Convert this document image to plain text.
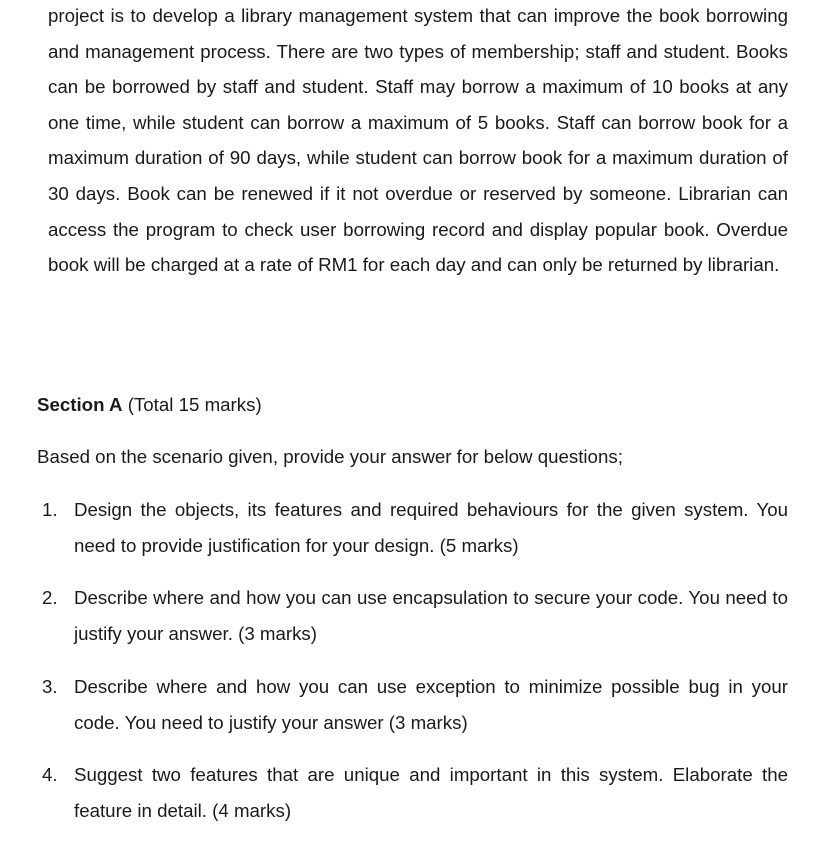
project is to develop a library management system that can improve the book borrowing and management process. There are two types of membership; staff and student. Books can be borrowed by staff and student. Staff may borrow a maximum of 10 books at any one time, while student can borrow a maximum of 5 books. Staff can borrow book for a maximum duration of 90 days, while student can borrow book for a maximum duration of 30 days. Book can be renewed if it not overdue or reserved by someone. Librarian can access the program to check user borrowing record and display popular book. Overdue book will be charged at a rate of RM1 for each day and can only be returned by librarian.

Section A (Total 15 marks)

Based on the scenario given, provide your answer for below questions;

1. Design the objects, its features and required behaviours for the given system. You need to provide justification for your design. (5 marks)
2. Describe where and how you can use encapsulation to secure your code. You need to justify your answer. (3 marks)
3. Describe where and how you can use exception to minimize possible bug in your code. You need to justify your answer (3 marks)
4. Suggest two features that are unique and important in this system. Elaborate the feature in detail. (4 marks)
